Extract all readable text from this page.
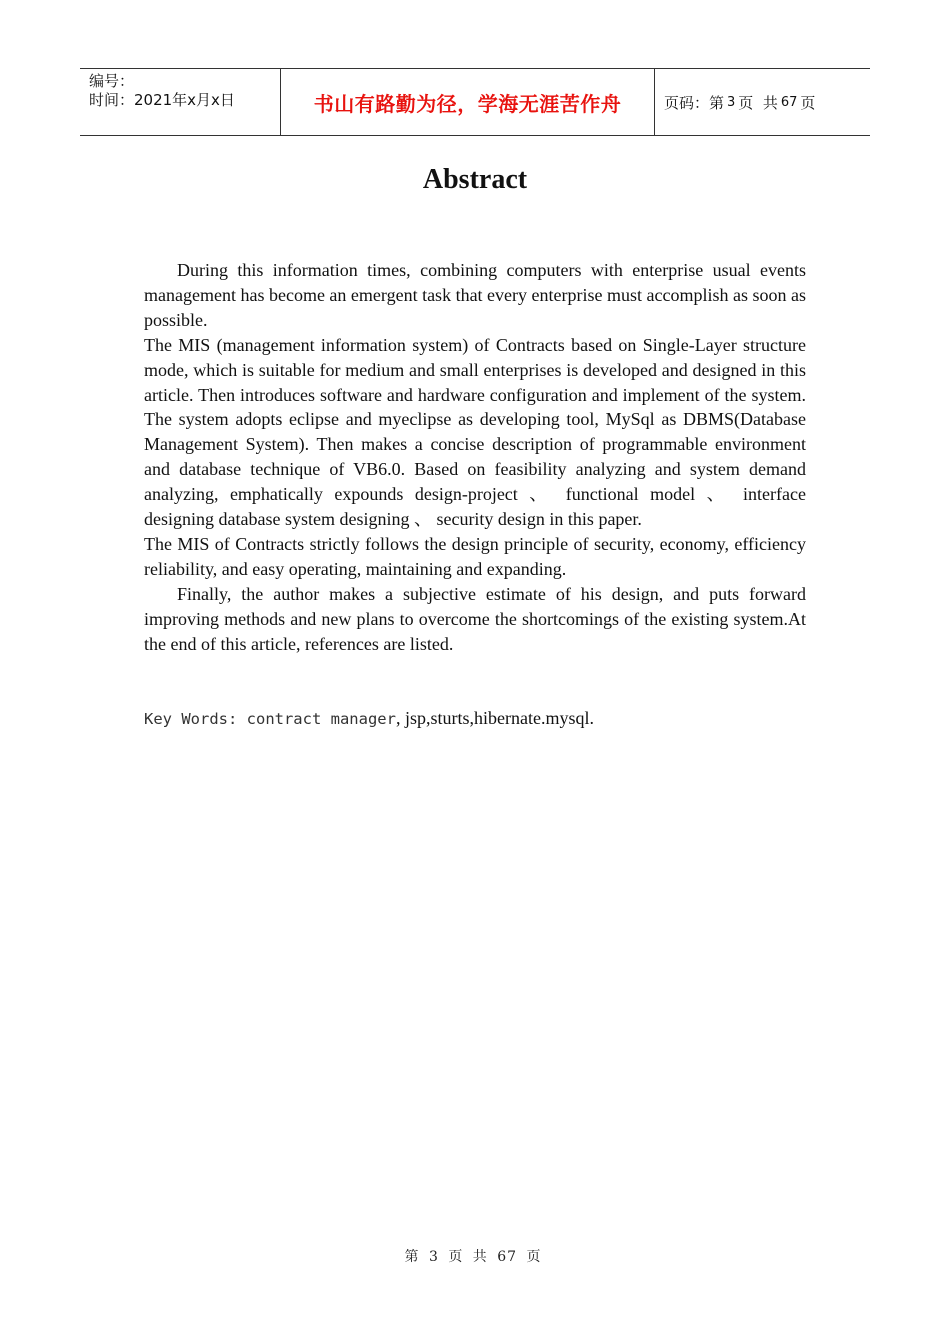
编号：
时间：2021年x月x日	书山有路勤为径，学海无涯苦作舟	页码：第 3 页  共 67 页
Abstract

During this information times, combining computers with enterprise usual events management has become an emergent task that every enterprise must accomplish as soon as possible.

The MIS (management information system) of Contracts based on Single-Layer structure mode, which is suitable for medium and small enterprises is developed and designed in this article. Then introduces software and hardware configuration and implement of the system. The system adopts eclipse and myeclipse as developing tool, MySql as DBMS(Database Management System). Then makes a concise description of programmable environment and database technique of VB6.0. Based on feasibility analyzing and system demand analyzing, emphatically expounds design-project 、 functional model 、 interface designing database system designing 、 security design in this paper.

The MIS of Contracts strictly follows the design principle of security, economy, efficiency reliability, and easy operating, maintaining and expanding.

Finally, the author makes a subjective estimate of his design, and puts forward improving methods and new plans to overcome the shortcomings of the existing system.At the end of this article, references are listed.

Key Words: contract manager, jsp,sturts,hibernate.mysql.
第 3 页 共 67 页
